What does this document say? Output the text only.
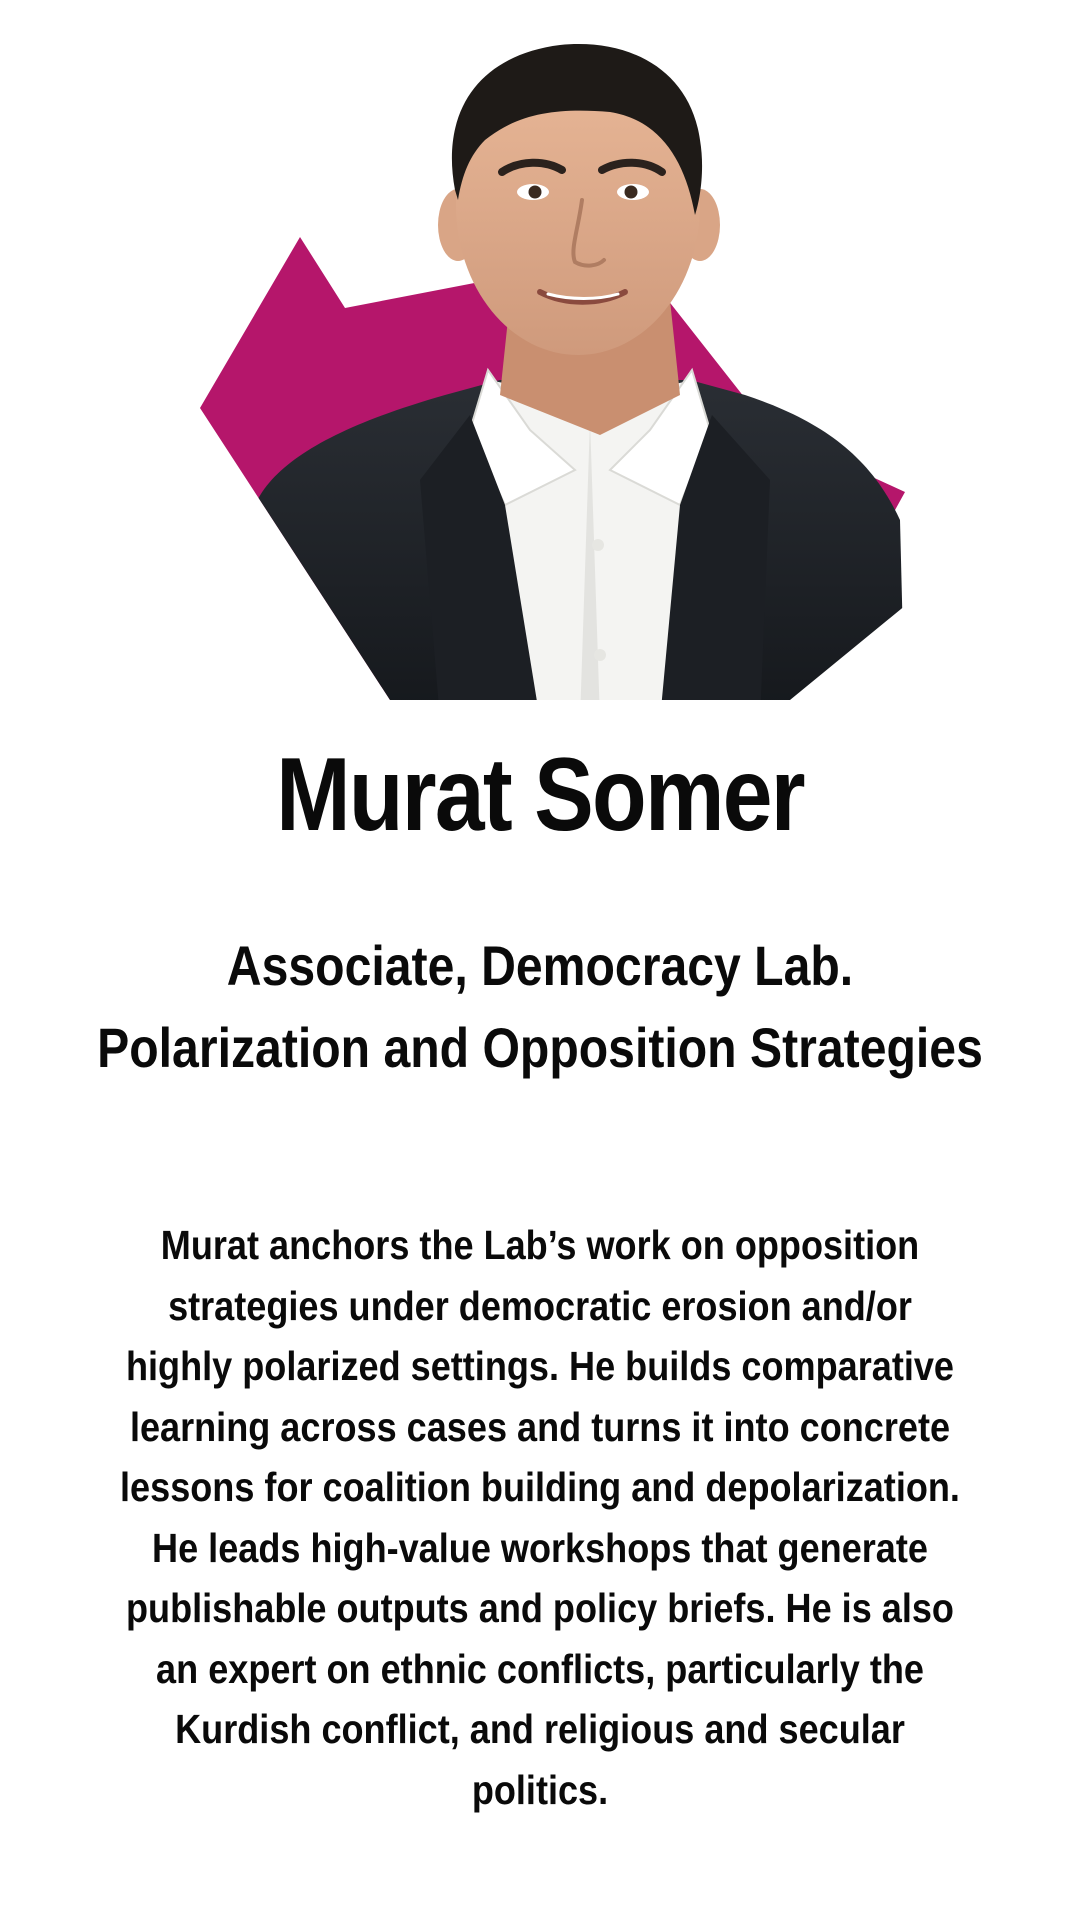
Murat Somer
Associate, Democracy Lab.
Polarization and Opposition Strategies
Murat anchors the Lab’s work on opposition
strategies under democratic erosion and/or
highly polarized settings. He builds comparative
learning across cases and turns it into concrete
lessons for coalition building and depolarization.
He leads high-value workshops that generate
publishable outputs and policy briefs. He is also
an expert on ethnic conflicts, particularly the
Kurdish conflict, and religious and secular
politics.
